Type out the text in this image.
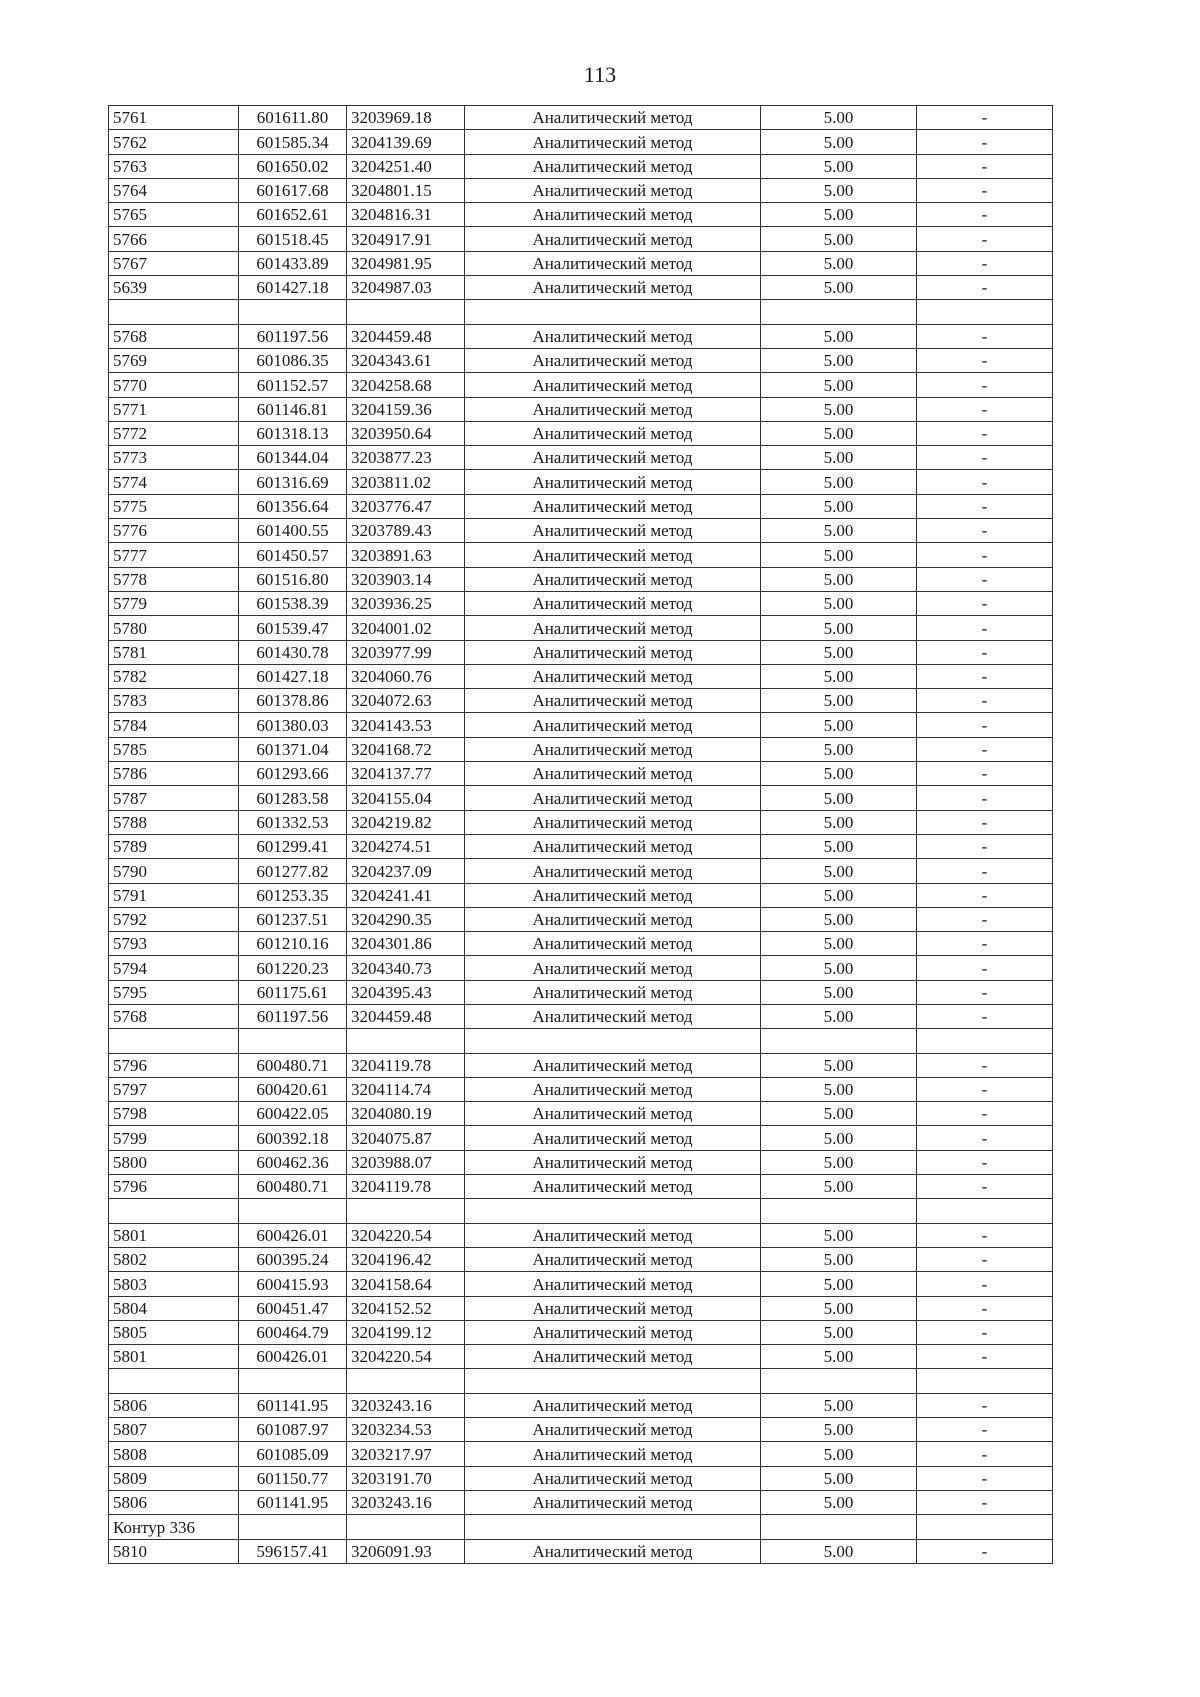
113
5761	601611.80	3203969.18	Аналитический метод	5.00	-
5762	601585.34	3204139.69	Аналитический метод	5.00	-
5763	601650.02	3204251.40	Аналитический метод	5.00	-
5764	601617.68	3204801.15	Аналитический метод	5.00	-
5765	601652.61	3204816.31	Аналитический метод	5.00	-
5766	601518.45	3204917.91	Аналитический метод	5.00	-
5767	601433.89	3204981.95	Аналитический метод	5.00	-
5639	601427.18	3204987.03	Аналитический метод	5.00	-

5768	601197.56	3204459.48	Аналитический метод	5.00	-
5769	601086.35	3204343.61	Аналитический метод	5.00	-
5770	601152.57	3204258.68	Аналитический метод	5.00	-
5771	601146.81	3204159.36	Аналитический метод	5.00	-
5772	601318.13	3203950.64	Аналитический метод	5.00	-
5773	601344.04	3203877.23	Аналитический метод	5.00	-
5774	601316.69	3203811.02	Аналитический метод	5.00	-
5775	601356.64	3203776.47	Аналитический метод	5.00	-
5776	601400.55	3203789.43	Аналитический метод	5.00	-
5777	601450.57	3203891.63	Аналитический метод	5.00	-
5778	601516.80	3203903.14	Аналитический метод	5.00	-
5779	601538.39	3203936.25	Аналитический метод	5.00	-
5780	601539.47	3204001.02	Аналитический метод	5.00	-
5781	601430.78	3203977.99	Аналитический метод	5.00	-
5782	601427.18	3204060.76	Аналитический метод	5.00	-
5783	601378.86	3204072.63	Аналитический метод	5.00	-
5784	601380.03	3204143.53	Аналитический метод	5.00	-
5785	601371.04	3204168.72	Аналитический метод	5.00	-
5786	601293.66	3204137.77	Аналитический метод	5.00	-
5787	601283.58	3204155.04	Аналитический метод	5.00	-
5788	601332.53	3204219.82	Аналитический метод	5.00	-
5789	601299.41	3204274.51	Аналитический метод	5.00	-
5790	601277.82	3204237.09	Аналитический метод	5.00	-
5791	601253.35	3204241.41	Аналитический метод	5.00	-
5792	601237.51	3204290.35	Аналитический метод	5.00	-
5793	601210.16	3204301.86	Аналитический метод	5.00	-
5794	601220.23	3204340.73	Аналитический метод	5.00	-
5795	601175.61	3204395.43	Аналитический метод	5.00	-
5768	601197.56	3204459.48	Аналитический метод	5.00	-

5796	600480.71	3204119.78	Аналитический метод	5.00	-
5797	600420.61	3204114.74	Аналитический метод	5.00	-
5798	600422.05	3204080.19	Аналитический метод	5.00	-
5799	600392.18	3204075.87	Аналитический метод	5.00	-
5800	600462.36	3203988.07	Аналитический метод	5.00	-
5796	600480.71	3204119.78	Аналитический метод	5.00	-

5801	600426.01	3204220.54	Аналитический метод	5.00	-
5802	600395.24	3204196.42	Аналитический метод	5.00	-
5803	600415.93	3204158.64	Аналитический метод	5.00	-
5804	600451.47	3204152.52	Аналитический метод	5.00	-
5805	600464.79	3204199.12	Аналитический метод	5.00	-
5801	600426.01	3204220.54	Аналитический метод	5.00	-

5806	601141.95	3203243.16	Аналитический метод	5.00	-
5807	601087.97	3203234.53	Аналитический метод	5.00	-
5808	601085.09	3203217.97	Аналитический метод	5.00	-
5809	601150.77	3203191.70	Аналитический метод	5.00	-
5806	601141.95	3203243.16	Аналитический метод	5.00	-
Контур 336					
5810	596157.41	3206091.93	Аналитический метод	5.00	-
